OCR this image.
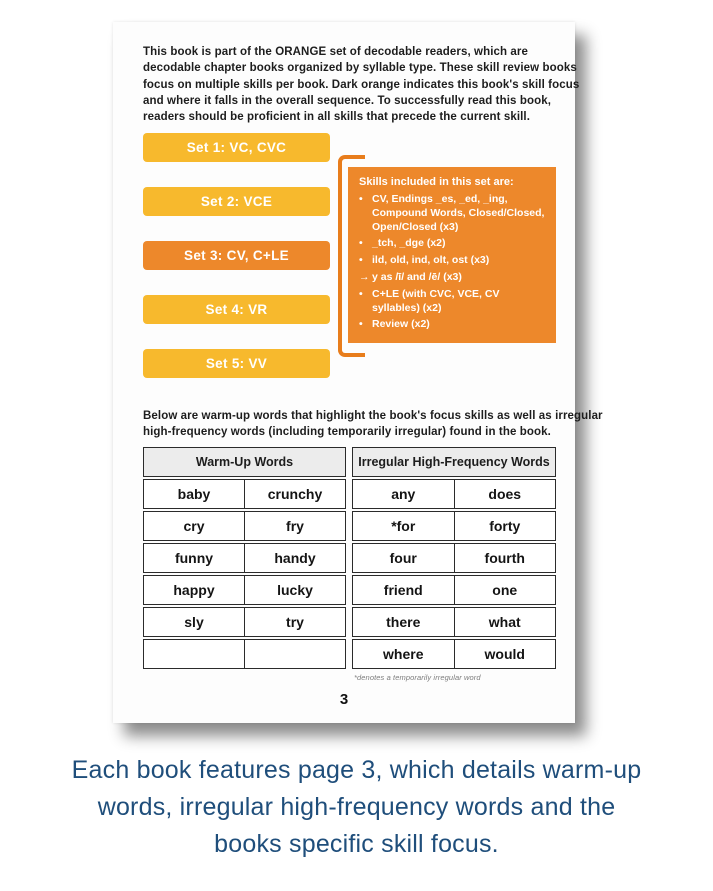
This book is part of the ORANGE set of decodable readers, which are
decodable chapter books organized by syllable type. These skill review books
focus on multiple skills per book. Dark orange indicates this book's skill focus
and where it falls in the overall sequence. To successfully read this book,
readers should be proficient in all skills that precede the current skill.
Set 1: VC, CVC
Set 2: VCE
Set 3: CV, C+LE
Set 4: VR
Set 5: VV
Skills included in this set are:
• CV, Endings _es, _ed, _ing, Compound Words, Closed/Closed, Open/Closed (x3)
• _tch, _dge (x2)
• ild, old, ind, olt, ost (x3)
→ y as /ī/ and /ē/ (x3)
• C+LE (with CVC, VCE, CV syllables) (x2)
• Review (x2)
Below are warm-up words that highlight the book's focus skills as well as irregular
high-frequency words (including temporarily irregular) found in the book.
Warm-Up Words
baby	crunchy
cry	fry
funny	handy
happy	lucky
sly	try
Irregular High-Frequency Words
any	does
*for	forty
four	fourth
friend	one
there	what
where	would
*denotes a temporarily irregular word
3
Each book features page 3, which details warm-up
words, irregular high-frequency words and the
books specific skill focus.
